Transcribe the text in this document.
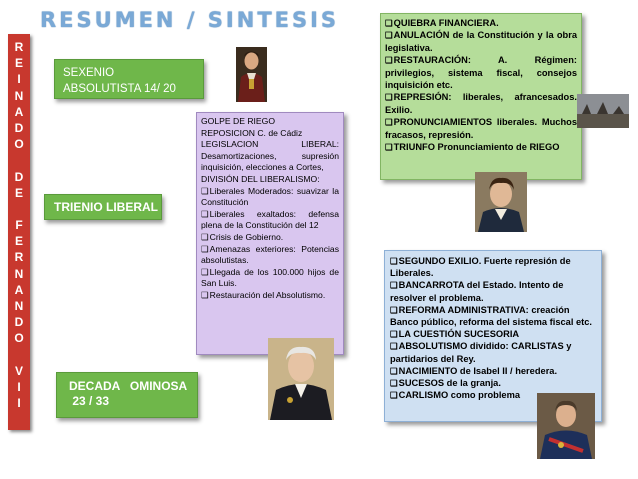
RESUMEN / SINTESIS
R
E
I
N
A
D
O
D
E
F
E
R
N
A
N
D
O
V
I
I
SEXENIO
ABSOLUTISTA 14/ 20
TRIENIO LIBERAL
DECADA   OMINOSA
23 / 33
GOLPE DE RIEGO
REPOSICION C. de Cádiz
LEGISLACION LIBERAL: Desamortizaciones, supresión inquisición, elecciones a Cortes,
DIVISIÓN DEL LIBERALISMO:
❑ Liberales Moderados: suavizar la Constitución
❑ Liberales exaltados: defensa plena de la Constitución del 12
❑ Crisis de Gobierno.
❑ Amenazas exteriores: Potencias absolutistas.
❑ Llegada de los 100.000 hijos de San Luis.
❑ Restauración del Absolutismo.
❑ QUIEBRA FINANCIERA.
❑ ANULACIÓN de la Constitución y la obra legislativa.
❑ RESTAURACIÓN: A. Régimen: privilegios, sistema fiscal, consejos inquisición etc.
❑ REPRESIÓN: liberales, afrancesados. Exilio.
❑ PRONUNCIAMIENTOS liberales. Muchos fracasos, represión.
❑ TRIUNFO Pronunciamiento de RIEGO
❑ SEGUNDO EXILIO. Fuerte represión de Liberales.
❑ BANCARROTA del Estado. Intento de resolver el problema.
❑ REFORMA ADMINISTRATIVA: creación Banco público, reforma del sistema fiscal etc.
❑ LA CUESTIÓN SUCESORIA
❑ ABSOLUTISMO dividido: CARLISTAS y partidarios del Rey.
❑ NACIMIENTO de Isabel II / heredera.
❑ SUCESOS de la granja.
❑ CARLISMO como problema
